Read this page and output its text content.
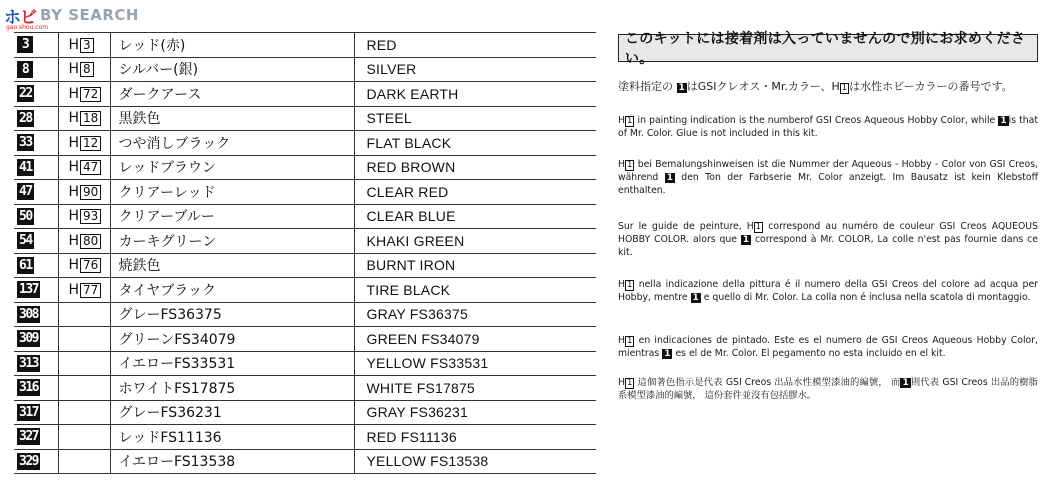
ホビ BY SEARCH
gao.shou.com
3	H 3	レッド(赤)	RED
8	H 8	シルバー(銀)	SILVER
22	H 72	ダークアース	DARK EARTH
28	H 18	黒鉄色	STEEL
33	H 12	つや消しブラック	FLAT BLACK
41	H 47	レッドブラウン	RED BROWN
47	H 90	クリアーレッド	CLEAR RED
50	H 93	クリアーブルー	CLEAR BLUE
54	H 80	カーキグリーン	KHAKI GREEN
61	H 76	焼鉄色	BURNT IRON
137	H 77	タイヤブラック	TIRE BLACK
308		グレーFS36375	GRAY FS36375
309		グリーンFS34079	GREEN FS34079
313		イエローFS33531	YELLOW FS33531
316		ホワイトFS17875	WHITE FS17875
317		グレーFS36231	GRAY FS36231
327		レッドFS11136	RED FS11136
329		イエローFS13538	YELLOW FS13538
このキットには接着剤は入っていませんので別にお求めください。

塗料指定の 1 はGSIクレオス・Mr.カラー、H 1 は水性ホビーカラーの番号です。

H 1 in painting indication is the numberof GSI Creos Aqueous Hobby Color, while 1 is that of Mr. Color. Glue is not included in this kit.

H 1 bei Bemalungshinweisen ist die Nummer der Aqueous - Hobby - Color von GSI Creos, während 1 den Ton der Farbserie Mr. Color anzeigt. Im Bausatz ist kein Klebstoff enthalten.

Sur le guide de peinture, H 1 correspond au numéro de couleur GSI Creos AQUEOUS HOBBY COLOR. alors que 1 correspond à Mr. COLOR, La colle n'est pas fournie dans ce kit.

H 1 nella indicazione della pittura é il numero della GSI Creos del colore ad acqua per Hobby, mentre 1 e quello di Mr. Color. La colla non é inclusa nella scatola di montaggio.

H 1 en indicaciones de pintado. Este es el numero de GSI Creos Aqueous Hobby Color, mientras 1 es el de Mr. Color. El pegamento no esta incluido en el kit.

H 1 這個著色指示是代表 GSI Creos 出品水性模型漆油的編號， 而 1 則代表 GSI Creos 出品的樹脂系模型漆油的編號， 這份套件並沒有包括膠水。
